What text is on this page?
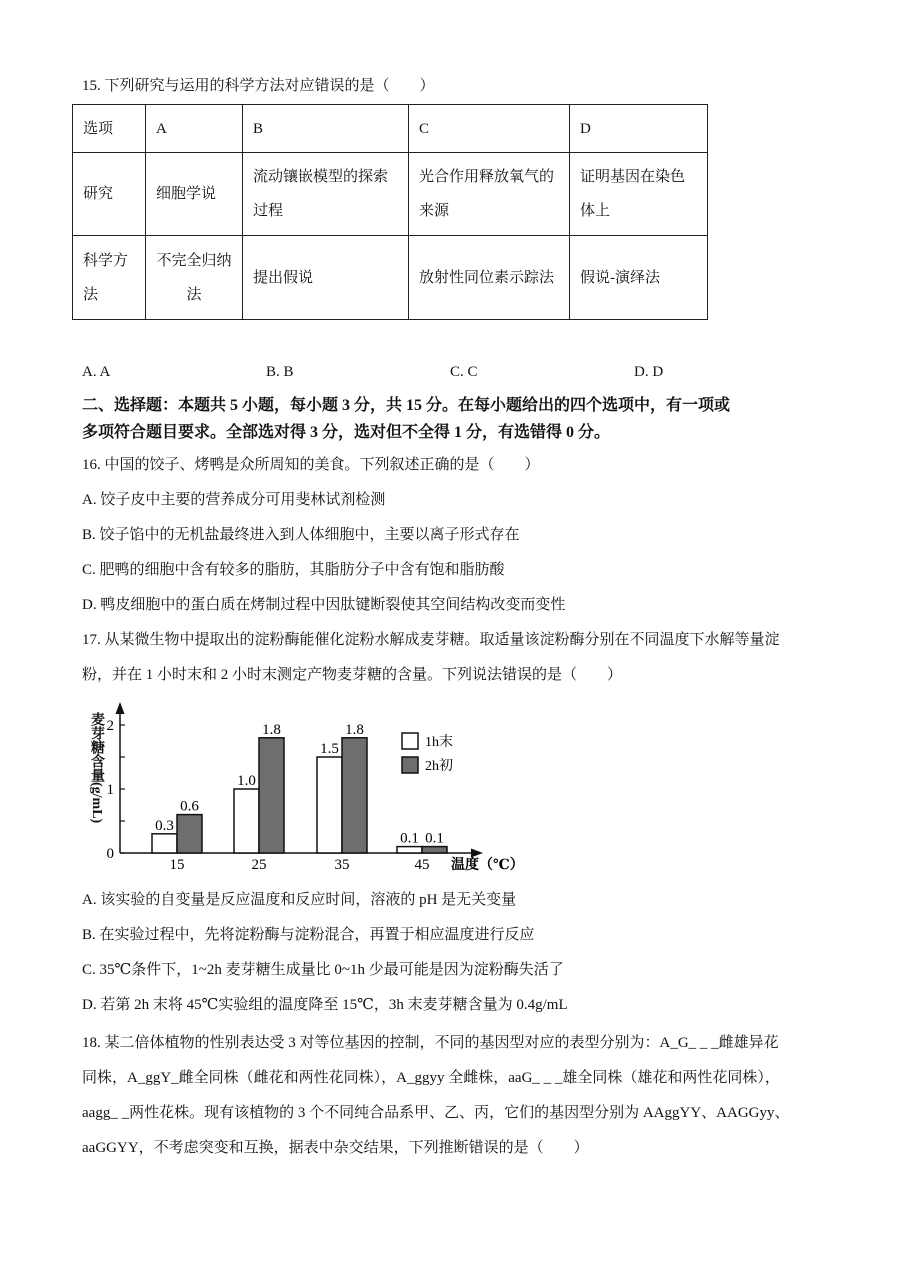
15. 下列研究与运用的科学方法对应错误的是（　　）
选项	A	B	C	D
研究	细胞学说	流动镶嵌模型的探索过程	光合作用释放氧气的来源	证明基因在染色体上
科学方法	不完全归纳法	提出假说	放射性同位素示踪法	假说-演绎法
A. A	B. B	C. C	D. D
二、选择题：本题共 5 小题，每小题 3 分，共 15 分。在每小题给出的四个选项中，有一项或
多项符合题目要求。全部选对得 3 分，选对但不全得 1 分，有选错得 0 分。
16. 中国的饺子、烤鸭是众所周知的美食。下列叙述正确的是（　　）
A. 饺子皮中主要的营养成分可用斐林试剂检测
B. 饺子馅中的无机盐最终进入到人体细胞中，主要以离子形式存在
C. 肥鸭的细胞中含有较多的脂肪，其脂肪分子中含有饱和脂肪酸
D. 鸭皮细胞中的蛋白质在烤制过程中因肽键断裂使其空间结构改变而变性
17. 从某微生物中提取出的淀粉酶能催化淀粉水解成麦芽糖。取适量该淀粉酶分别在不同温度下水解等量淀
粉，并在 1 小时末和 2 小时末测定产物麦芽糖的含量。下列说法错误的是（　　）
麦芽糖含量(g/mL)
0
1
2
0.3
0.6
1.0
1.8
1.5
1.8
0.1 0.1
15	25	35	45 温度（℃）
1h末
2h初
A. 该实验的自变量是反应温度和反应时间，溶液的 pH 是无关变量
B. 在实验过程中，先将淀粉酶与淀粉混合，再置于相应温度进行反应
C. 35℃条件下，1~2h 麦芽糖生成量比 0~1h 少最可能是因为淀粉酶失活了
D. 若第 2h 末将 45℃实验组的温度降至 15℃，3h 末麦芽糖含量为 0.4g/mL
18. 某二倍体植物的性别表达受 3 对等位基因的控制，不同的基因型对应的表型分别为：A_G_ _ _雌雄异花
同株，A_ggY_雌全同株（雌花和两性花同株），A_ggyy 全雌株，aaG_ _ _雄全同株（雄花和两性花同株），
aagg_ _两性花株。现有该植物的 3 个不同纯合品系甲、乙、丙，它们的基因型分别为 AAggYY、AAGGyy、
aaGGYY，不考虑突变和互换，据表中杂交结果，下列推断错误的是（　　）
